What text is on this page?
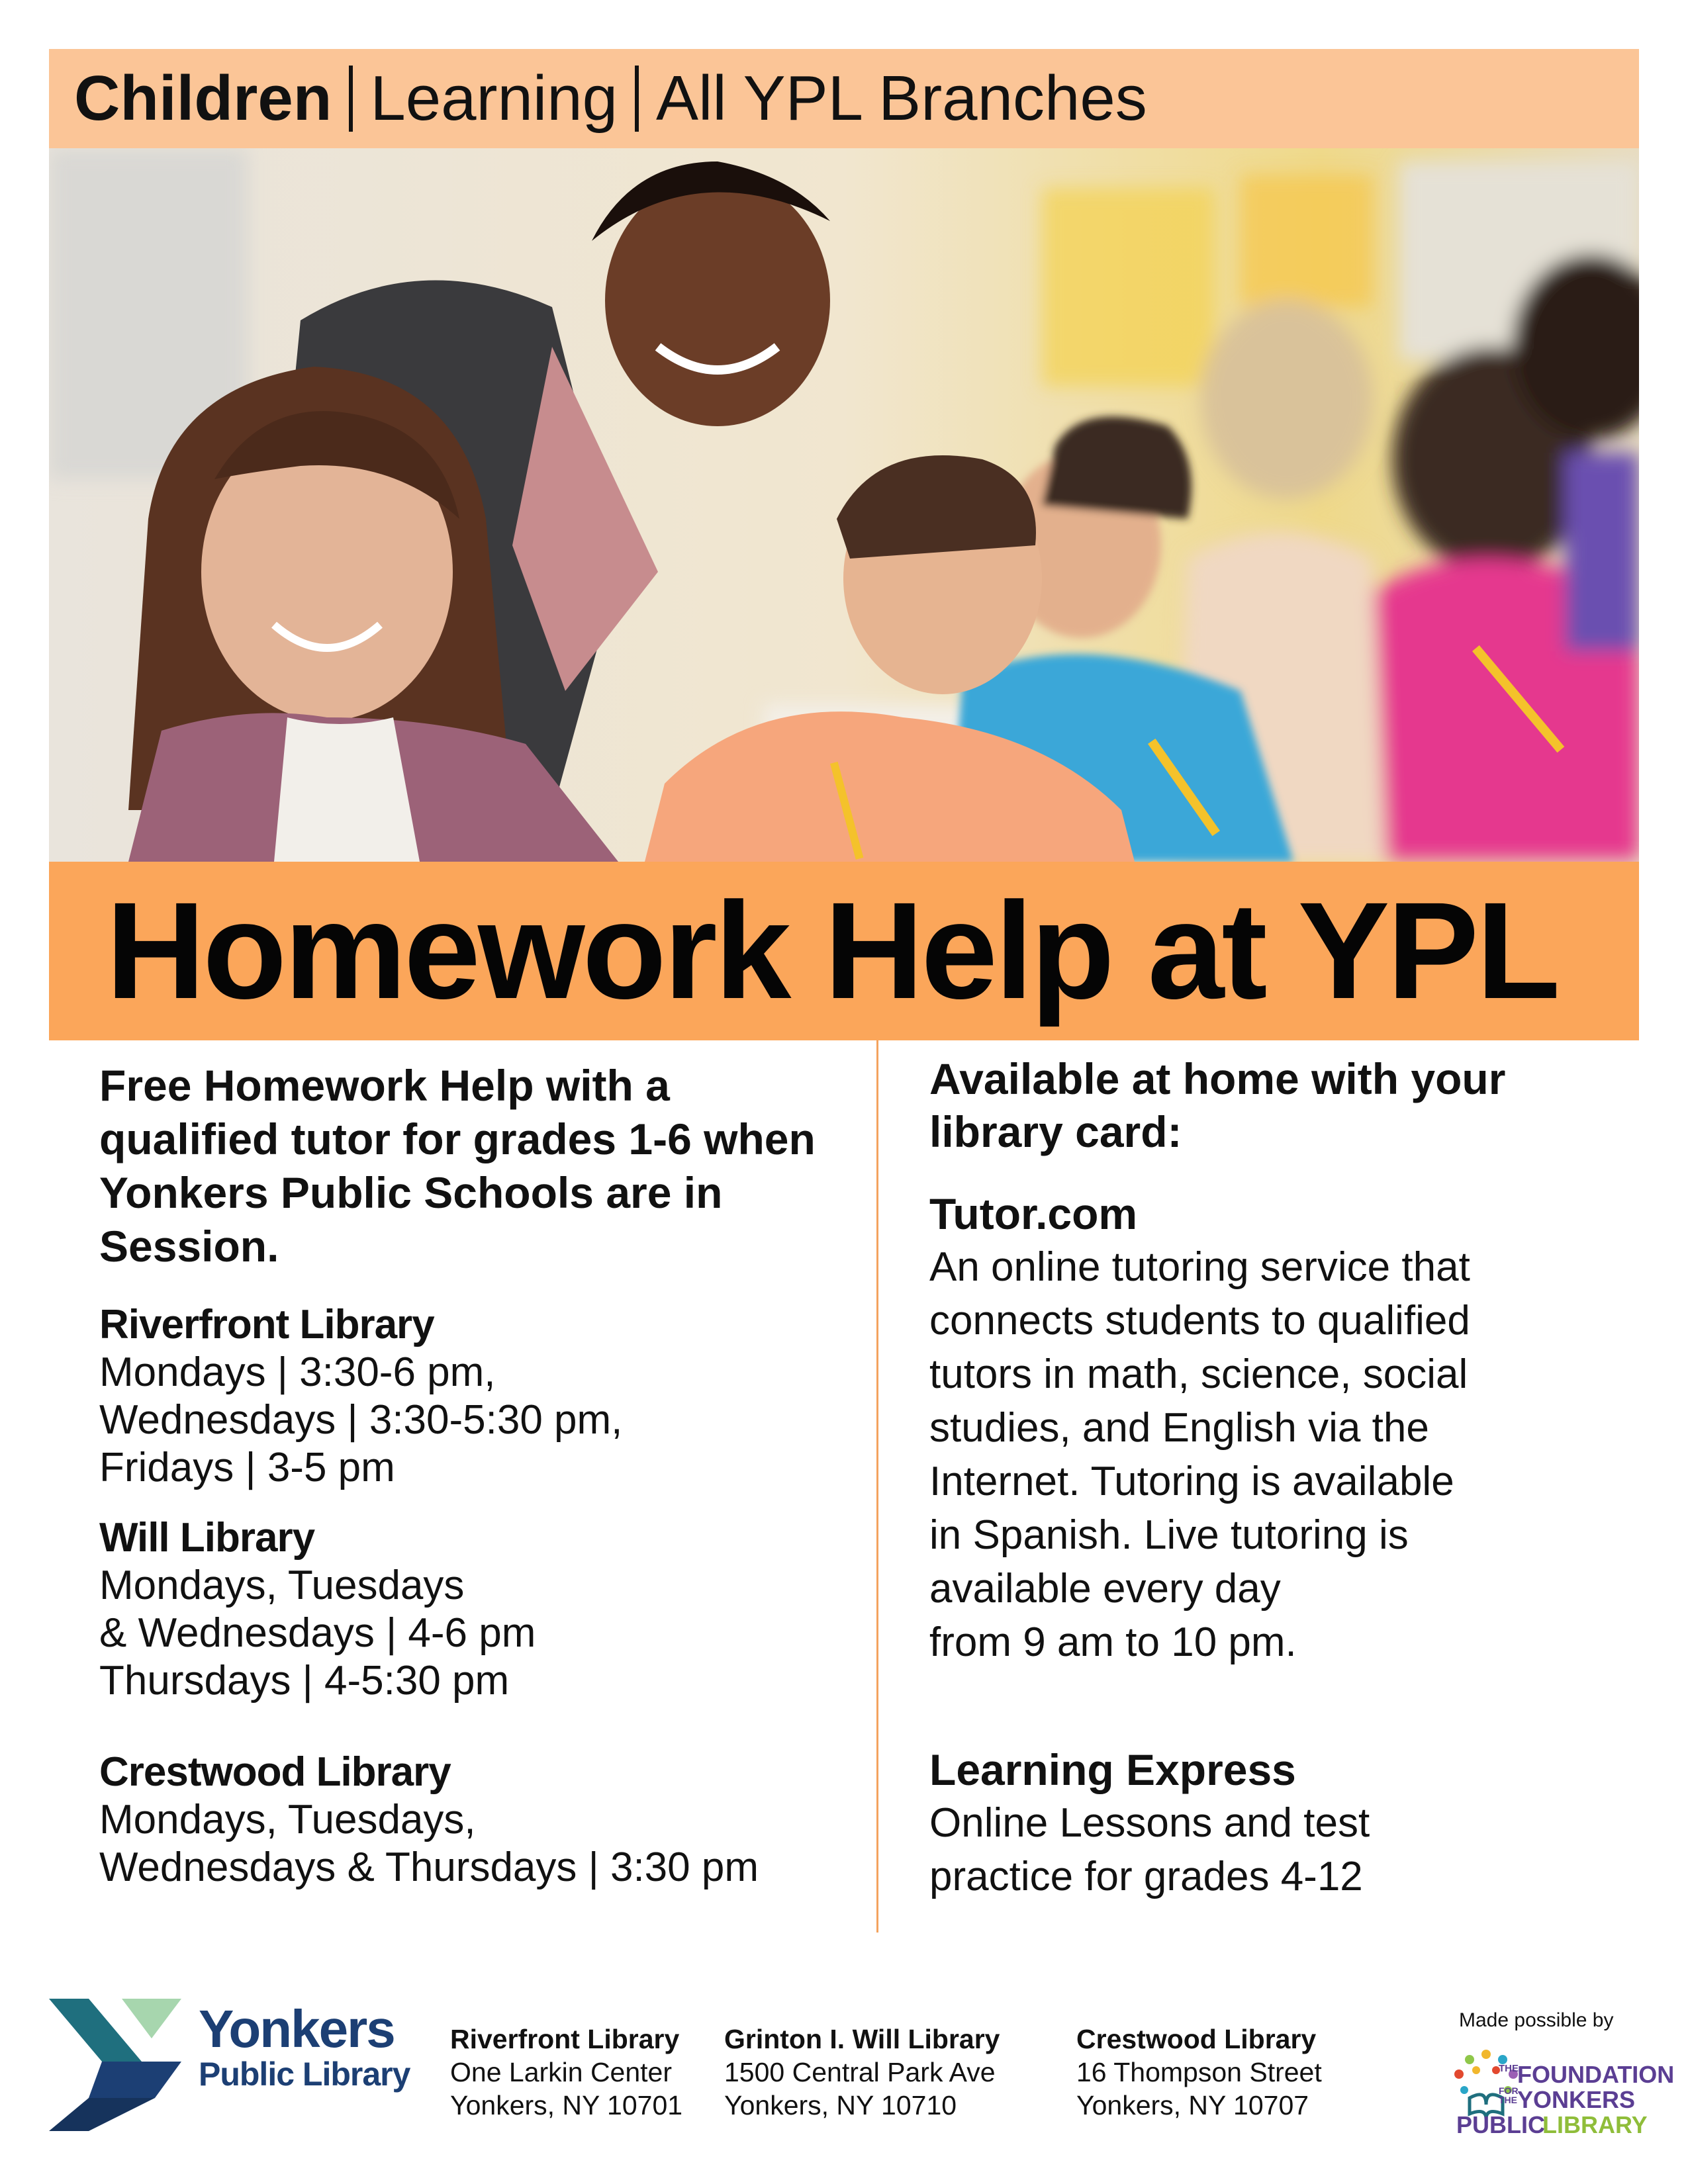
Children Learning All YPL Branches
Homework Help at YPL

Free Homework Help with a qualified tutor for grades 1-6 when Yonkers Public Schools are in Session.

Riverfront Library

Mondays | 3:30-6 pm,
Wednesdays | 3:30-5:30 pm,
Fridays | 3-5 pm

Will Library

Mondays, Tuesdays
& Wednesdays | 4-6 pm
Thursdays | 4-5:30 pm

Crestwood Library

Mondays, Tuesdays,
Wednesdays & Thursdays | 3:30 pm

Available at home with your library card:

Tutor.com

An online tutoring service that
connects students to qualified
tutors in math, science, social
studies, and English via the
Internet. Tutoring is available
in Spanish. Live tutoring is
available every day
from 9 am to 10 pm.

Learning Express

Online Lessons and test
practice for grades 4-12

Yonkers
Public Library
Riverfront Library
One Larkin Center
Yonkers, NY 10701
Grinton I. Will Library
1500 Central Park Ave
Yonkers, NY 10710
Crestwood Library
16 Thompson Street
Yonkers, NY 10707
Made possible by
THE
FOUNDATION
FOR THE YONKERS
PUBLIC
LIBRARY
